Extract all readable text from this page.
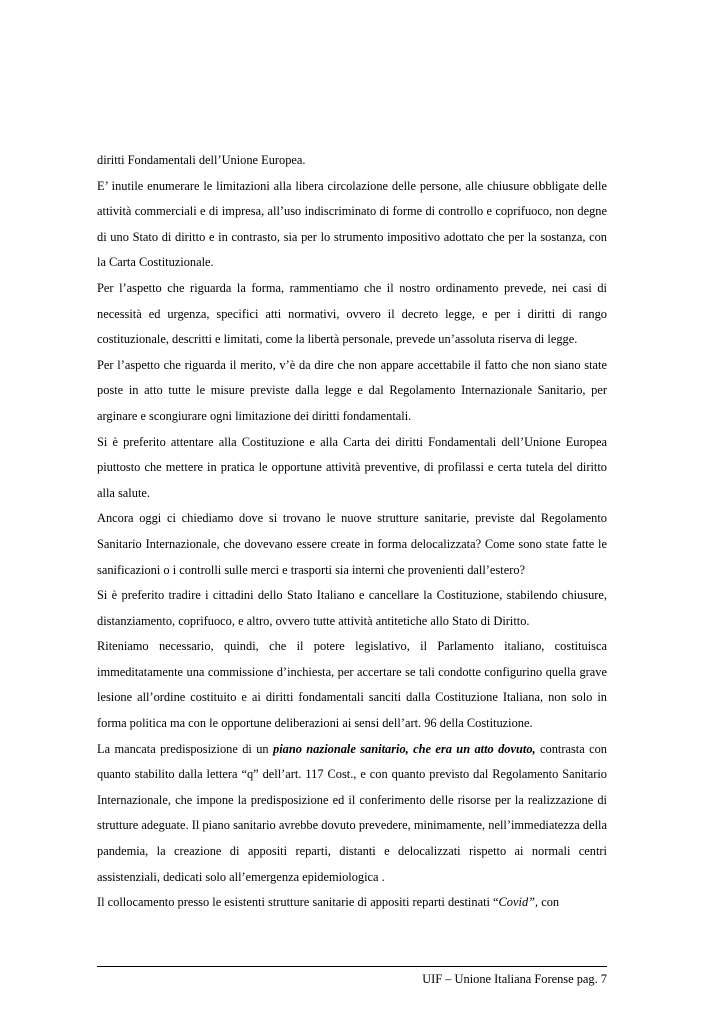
diritti Fondamentali dell’Unione Europea.

E’ inutile enumerare le limitazioni alla libera circolazione delle persone, alle chiusure obbligate delle attività commerciali e di impresa, all’uso indiscriminato di forme di controllo e coprifuoco, non degne di uno Stato di diritto e in contrasto, sia per lo strumento impositivo adottato che per la sostanza, con la Carta Costituzionale.

Per l’aspetto che riguarda la forma, rammentiamo che il nostro ordinamento prevede, nei casi di necessità ed urgenza, specifici atti normativi, ovvero il decreto legge, e per i diritti di rango costituzionale, descritti e limitati, come la libertà personale, prevede un’assoluta riserva di legge.

Per l’aspetto che riguarda il merito, v’è da dire che non appare accettabile il fatto che non siano state poste in atto tutte le misure previste dalla legge e dal Regolamento Internazionale Sanitario, per arginare e scongiurare ogni limitazione dei diritti fondamentali.

Si è preferito attentare alla Costituzione e alla Carta dei diritti Fondamentali dell’Unione Europea piuttosto che mettere in pratica le opportune attività preventive, di profilassi e certa tutela del diritto alla salute.

Ancora oggi ci chiediamo dove si trovano le nuove strutture sanitarie, previste dal Regolamento Sanitario Internazionale, che dovevano essere create in forma delocalizzata? Come sono state fatte le sanificazioni o i controlli sulle merci e trasporti sia interni che provenienti dall’estero?

Si è preferito tradire i cittadini dello Stato Italiano e cancellare la Costituzione, stabilendo chiusure, distanziamento, coprifuoco, e altro, ovvero tutte attività antitetiche allo Stato di Diritto.

Riteniamo necessario, quindi, che il potere legislativo, il Parlamento italiano, costituisca immeditatamente una commissione d’inchiesta, per accertare se tali condotte configurino quella grave lesione all’ordine costituito e ai diritti fondamentali sanciti dalla Costituzione Italiana, non solo in forma politica ma con le opportune deliberazioni ai sensi dell’art. 96 della Costituzione.

La mancata predisposizione di un piano nazionale sanitario, che era un atto dovuto, contrasta con quanto stabilito dalla lettera “q” dell’art. 117 Cost., e con quanto previsto dal Regolamento Sanitario Internazionale, che impone la predisposizione ed il conferimento delle risorse per la realizzazione di strutture adeguate. Il piano sanitario avrebbe dovuto prevedere, minimamente, nell’immediatezza della pandemia, la creazione di appositi reparti, distanti e delocalizzati rispetto ai normali centri assistenziali, dedicati solo all’emergenza epidemiologica .

Il collocamento presso le esistenti strutture sanitarie di appositi reparti destinati “Covid”, con

UIF – Unione Italiana Forense pag. 7
